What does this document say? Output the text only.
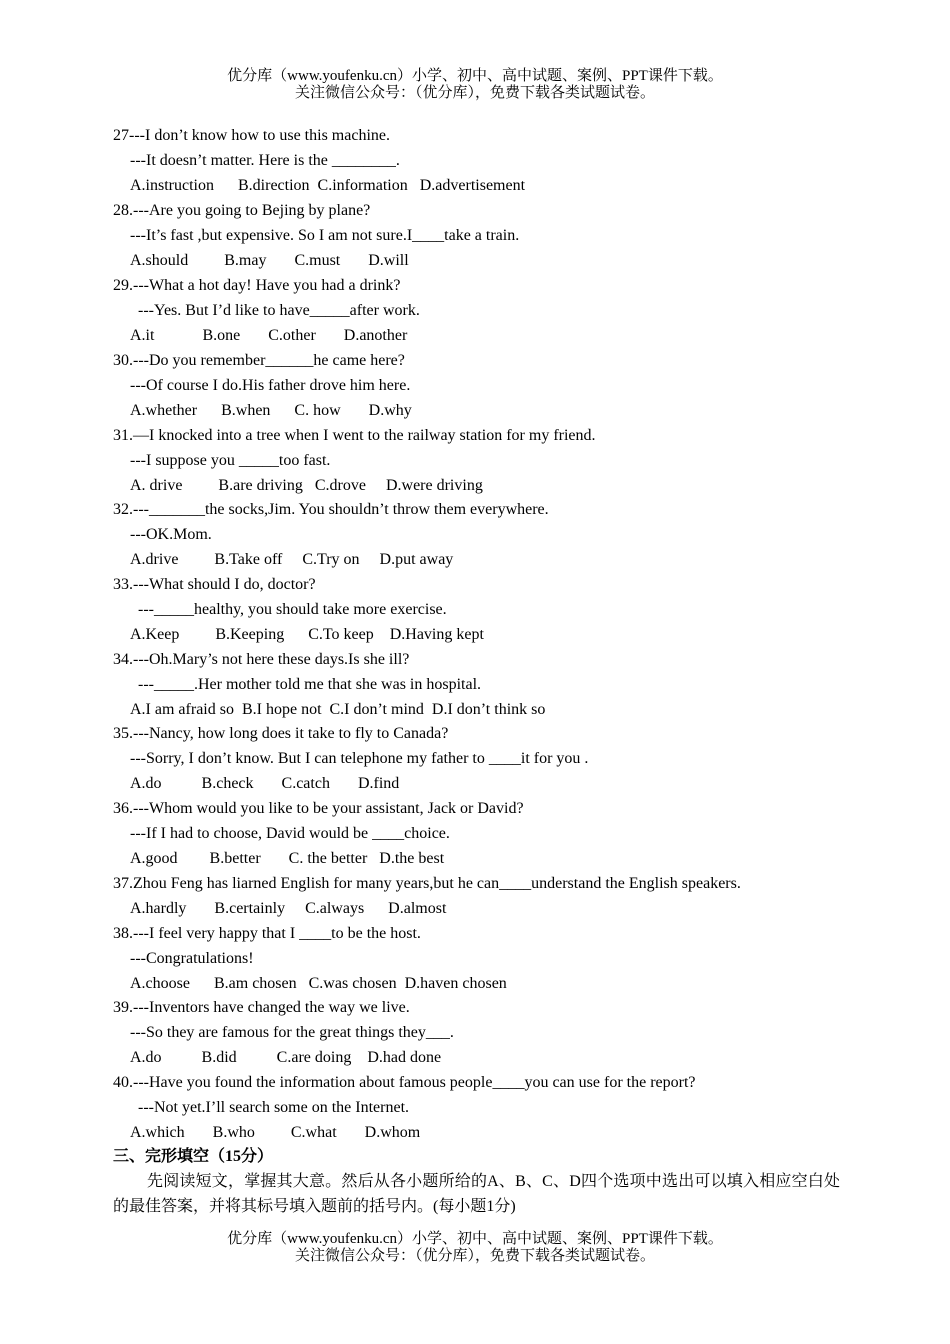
优分库（www.youfenku.cn）小学、初中、高中试题、案例、PPT课件下载。
关注微信公众号：（优分库），免费下载各类试题试卷。
27---I don’t know how to use this machine.
---It doesn’t matter. Here is the ________.
A.instruction      B.direction  C.information   D.advertisement
28.---Are you going to Bejing by plane?
---It’s fast ,but expensive. So I am not sure.I____take a train.
A.should         B.may       C.must       D.will
29.---What a hot day! Have you had a drink?
---Yes. But I’d like to have_____after work.
A.it            B.one       C.other       D.another
30.---Do you remember______he came here?
---Of course I do.His father drove him here.
A.whether      B.when      C. how       D.why
31.—I knocked into a tree when I went to the railway station for my friend.
---I suppose you _____too fast.
A. drive         B.are driving   C.drove     D.were driving
32.---_______the socks,Jim. You shouldn’t throw them everywhere.
---OK.Mom.
A.drive         B.Take off     C.Try on     D.put away
33.---What should I do, doctor?
---_____healthy, you should take more exercise.
A.Keep         B.Keeping      C.To keep    D.Having kept
34.---Oh.Mary’s not here these days.Is she ill?
---_____.Her mother told me that she was in hospital.
A.I am afraid so  B.I hope not  C.I don’t mind  D.I don’t think so
35.---Nancy, how long does it take to fly to Canada?
---Sorry, I don’t know. But I can telephone my father to ____it for you .
A.do          B.check       C.catch       D.find
36.---Whom would you like to be your assistant, Jack or David?
---If I had to choose, David would be ____choice.
A.good        B.better       C. the better   D.the best
37.Zhou Feng has liarned English for many years,but he can____understand the English speakers.
A.hardly       B.certainly     C.always      D.almost
38.---I feel very happy that I ____to be the host.
---Congratulations!
A.choose      B.am chosen   C.was chosen  D.haven chosen
39.---Inventors have changed the way we live.
---So they are famous for the great things they___.
A.do          B.did          C.are doing    D.had done
40.---Have you found the information about famous people____you can use for the report?
---Not yet.I’ll search some on the Internet.
A.which       B.who         C.what       D.whom
三、完形填空（15分）
先阅读短文，掌握其大意。然后从各小题所给的A、B、C、D四个选项中选出可以填入相应空白处的最佳答案，并将其标号填入题前的括号内。(每小题1分)
优分库（www.youfenku.cn）小学、初中、高中试题、案例、PPT课件下载。
关注微信公众号：（优分库），免费下载各类试题试卷。
